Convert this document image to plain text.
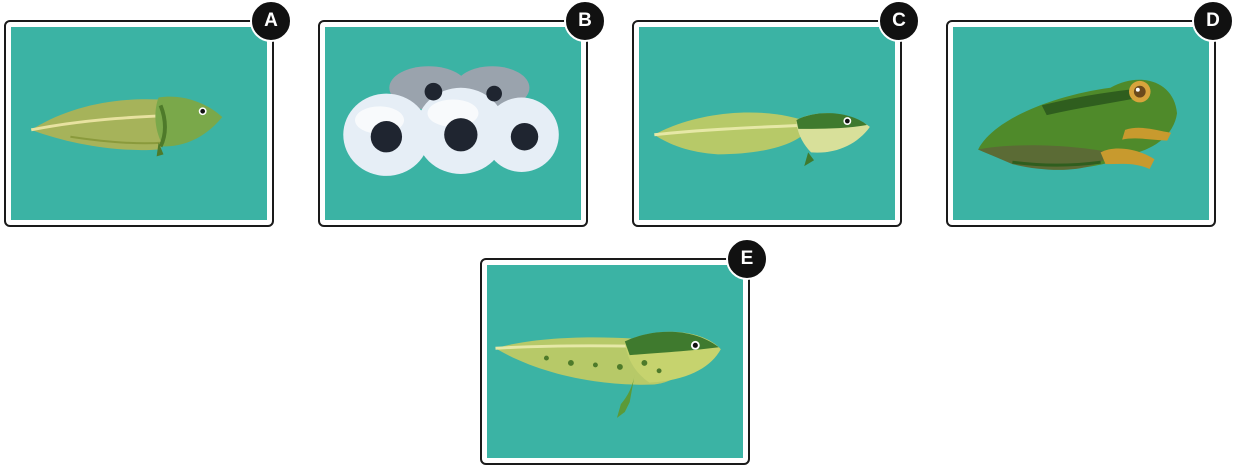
A	B	C	D
E
